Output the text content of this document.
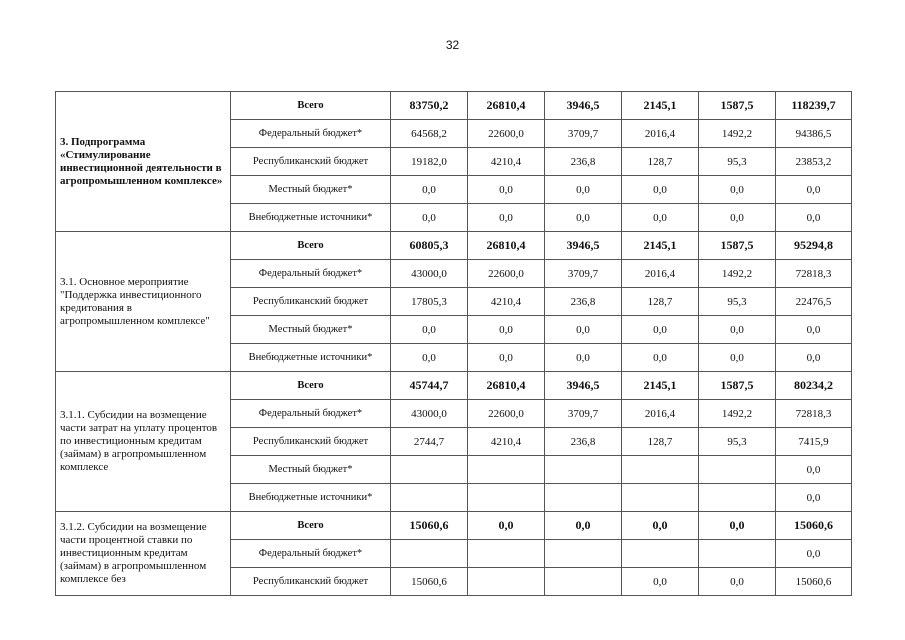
32
3. Подпрограмма «Стимулирование инвестиционной деятельности в агропромышленном комплексе»	Всего	83750,2	26810,4	3946,5	2145,1	1587,5	118239,7
	Федеральный бюджет*	64568,2	22600,0	3709,7	2016,4	1492,2	94386,5
	Республиканский бюджет	19182,0	4210,4	236,8	128,7	95,3	23853,2
	Местный бюджет*	0,0	0,0	0,0	0,0	0,0	0,0
	Внебюджетные источники*	0,0	0,0	0,0	0,0	0,0	0,0
3.1. Основное мероприятие "Поддержка инвестиционного кредитования в агропромышленном комплексе"	Всего	60805,3	26810,4	3946,5	2145,1	1587,5	95294,8
	Федеральный бюджет*	43000,0	22600,0	3709,7	2016,4	1492,2	72818,3
	Республиканский бюджет	17805,3	4210,4	236,8	128,7	95,3	22476,5
	Местный бюджет*	0,0	0,0	0,0	0,0	0,0	0,0
	Внебюджетные источники*	0,0	0,0	0,0	0,0	0,0	0,0
3.1.1. Субсидии на возмещение части затрат на уплату процентов по инвестиционным кредитам (займам) в агропромышленном комплексе	Всего	45744,7	26810,4	3946,5	2145,1	1587,5	80234,2
	Федеральный бюджет*	43000,0	22600,0	3709,7	2016,4	1492,2	72818,3
	Республиканский бюджет	2744,7	4210,4	236,8	128,7	95,3	7415,9
	Местный бюджет*						0,0
	Внебюджетные источники*						0,0
3.1.2. Субсидии на возмещение части процентной ставки по инвестиционным кредитам (займам) в агропромышленном комплексе без	Всего	15060,6	0,0	0,0	0,0	0,0	15060,6
	Федеральный бюджет*						0,0
	Республиканский бюджет	15060,6			0,0	0,0	15060,6
